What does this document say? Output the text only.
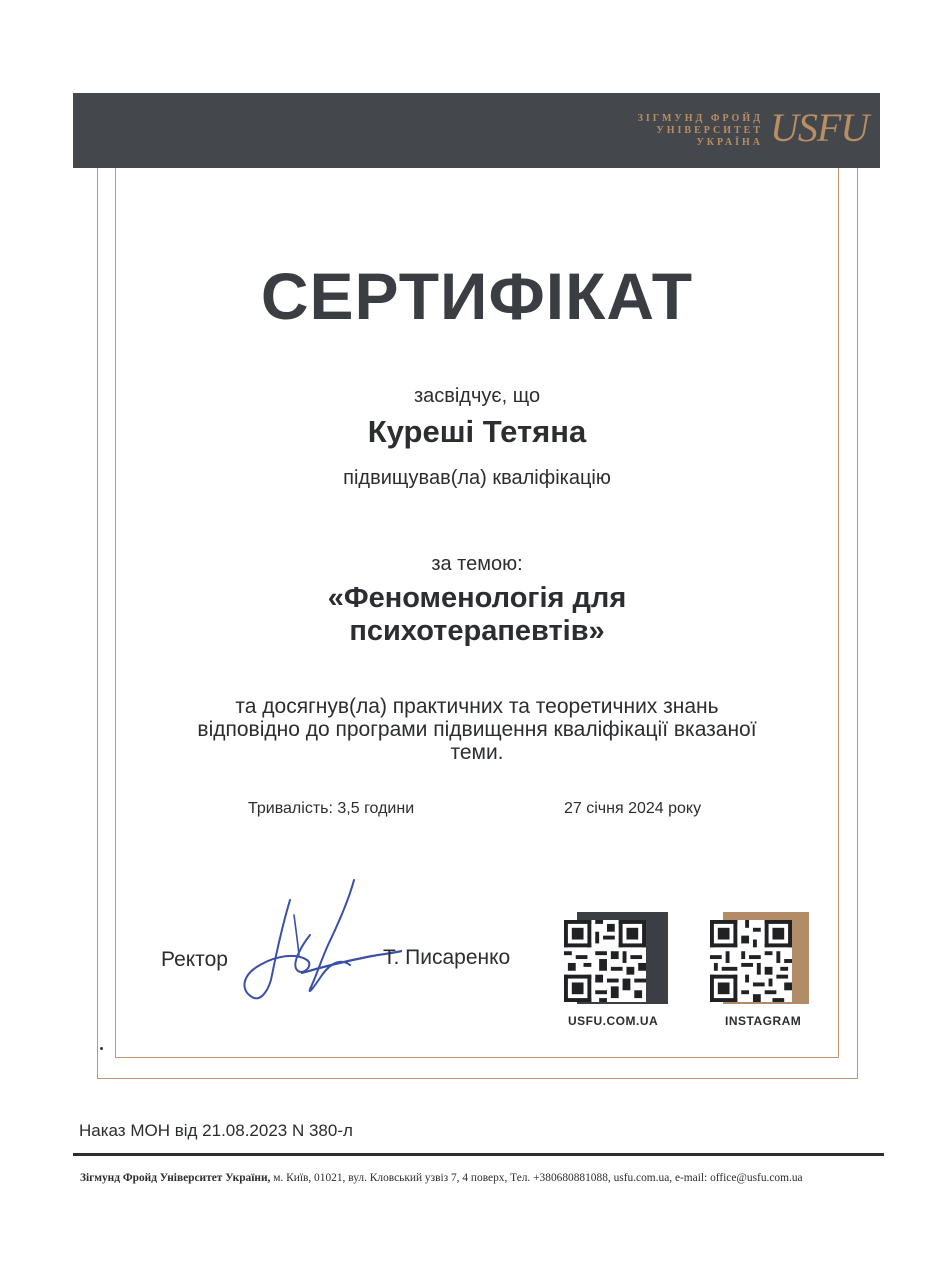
ЗІГМУНД ФРОЙД
УНІВЕРСИТЕТ
УКРАЇНА USFU
СЕРТИФІКАТ
засвідчує, що
Куреші Тетяна
підвищував(ла) кваліфікацію
за темою:
«Феноменологія для
психотерапевтів»
та досягнув(ла) практичних та теоретичних знань
відповідно до програми підвищення кваліфікації вказаної
теми.
Тривалість: 3,5 години	27 січня 2024 року
Ректор	Т. Писаренко
USFU.COM.UA	INSTAGRAM
Наказ МОН від 21.08.2023 N 380-л
Зігмунд Фройд Університет України, м. Київ, 01021, вул. Кловський узвіз 7, 4 поверх, Тел. +380680881088, usfu.com.ua, e-mail: office@usfu.com.ua
